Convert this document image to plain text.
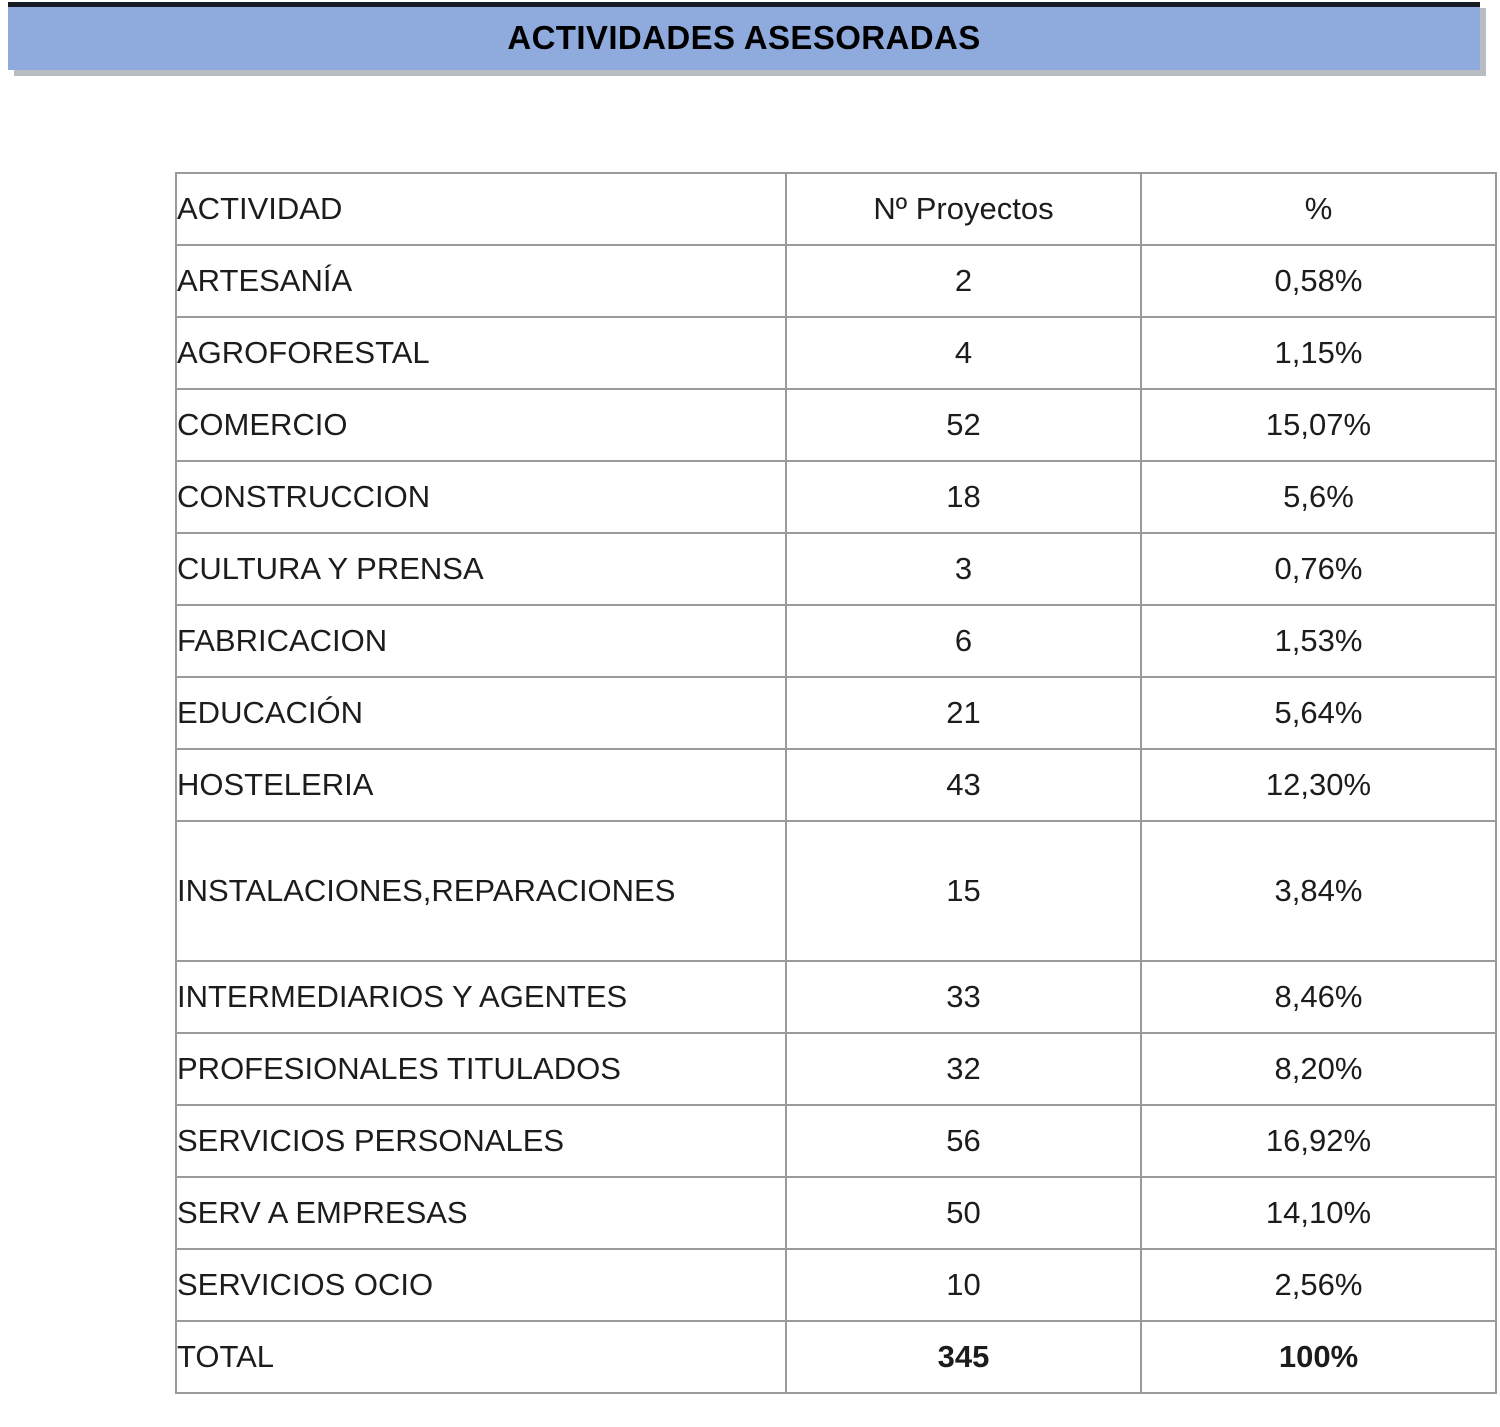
ACTIVIDADES ASESORADAS
ACTIVIDAD	Nº Proyectos	%
ARTESANÍA	2	0,58%
AGROFORESTAL	4	1,15%
COMERCIO	52	15,07%
CONSTRUCCION	18	5,6%
CULTURA Y PRENSA	3	0,76%
FABRICACION	6	1,53%
EDUCACIÓN	21	5,64%
HOSTELERIA	43	12,30%
INSTALACIONES,REPARACIONES	15	3,84%
INTERMEDIARIOS Y AGENTES	33	8,46%
PROFESIONALES TITULADOS	32	8,20%
SERVICIOS PERSONALES	56	16,92%
SERV A EMPRESAS	50	14,10%
SERVICIOS OCIO	10	2,56%
TOTAL	345	100%
